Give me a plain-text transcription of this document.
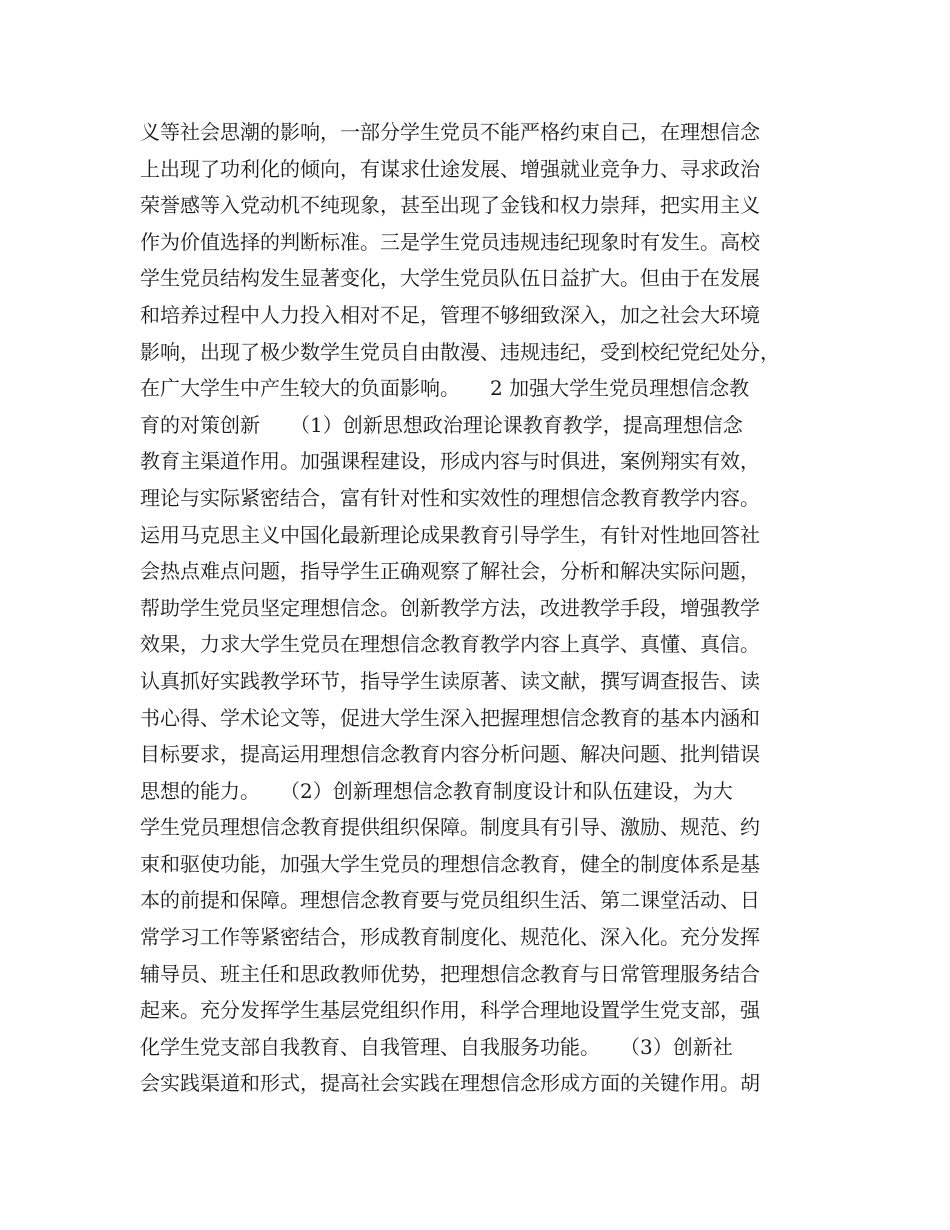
义等社会思潮的影响，一部分学生党员不能严格约束自己，在理想信念
上出现了功利化的倾向，有谋求仕途发展、增强就业竞争力、寻求政治
荣誉感等入党动机不纯现象，甚至出现了金钱和权力崇拜，把实用主义
作为价值选择的判断标准。三是学生党员违规违纪现象时有发生。高校
学生党员结构发生显著变化，大学生党员队伍日益扩大。但由于在发展
和培养过程中人力投入相对不足，管理不够细致深入，加之社会大环境
影响，出现了极少数学生党员自由散漫、违规违纪，受到校纪党纪处分，
在广大学生中产生较大的负面影响。　　2 加强大学生党员理想信念教
育的对策创新　　（1）创新思想政治理论课教育教学，提高理想信念
教育主渠道作用。加强课程建设，形成内容与时俱进，案例翔实有效，
理论与实际紧密结合，富有针对性和实效性的理想信念教育教学内容。
运用马克思主义中国化最新理论成果教育引导学生，有针对性地回答社
会热点难点问题，指导学生正确观察了解社会，分析和解决实际问题，
帮助学生党员坚定理想信念。创新教学方法，改进教学手段，增强教学
效果，力求大学生党员在理想信念教育教学内容上真学、真懂、真信。
认真抓好实践教学环节，指导学生读原著、读文献，撰写调查报告、读
书心得、学术论文等，促进大学生深入把握理想信念教育的基本内涵和
目标要求，提高运用理想信念教育内容分析问题、解决问题、批判错误
思想的能力。　　（2）创新理想信念教育制度设计和队伍建设，为大
学生党员理想信念教育提供组织保障。制度具有引导、激励、规范、约
束和驱使功能，加强大学生党员的理想信念教育，健全的制度体系是基
本的前提和保障。理想信念教育要与党员组织生活、第二课堂活动、日
常学习工作等紧密结合，形成教育制度化、规范化、深入化。充分发挥
辅导员、班主任和思政教师优势，把理想信念教育与日常管理服务结合
起来。充分发挥学生基层党组织作用，科学合理地设置学生党支部，强
化学生党支部自我教育、自我管理、自我服务功能。　　（3）创新社
会实践渠道和形式，提高社会实践在理想信念形成方面的关键作用。胡
